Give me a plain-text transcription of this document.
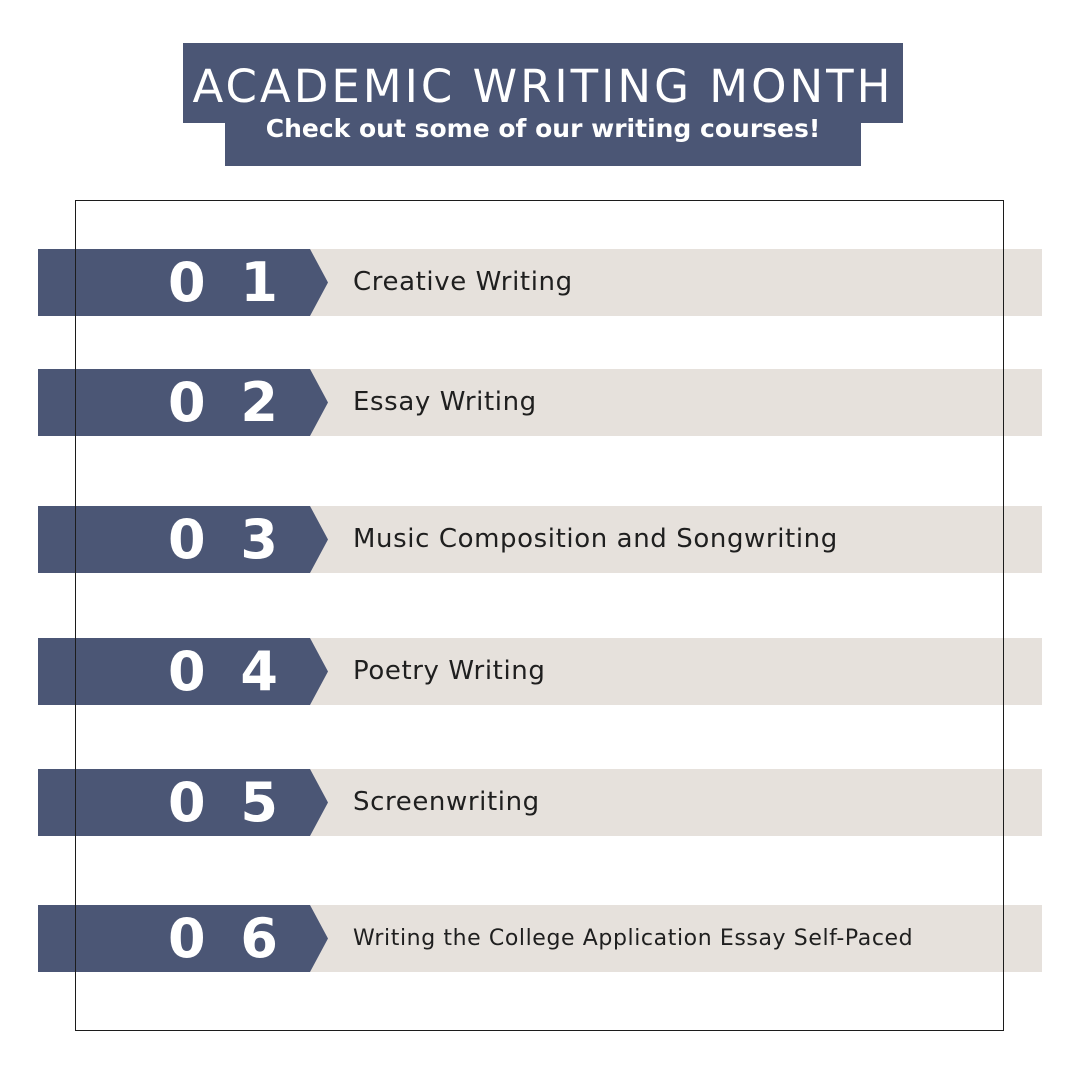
ACADEMIC WRITING MONTH
Check out some of our writing courses!
0 1	Creative Writing
0 2	Essay Writing
0 3	Music Composition and Songwriting
0 4	Poetry Writing
0 5	Screenwriting
0 6	Writing the College Application Essay Self-Paced
